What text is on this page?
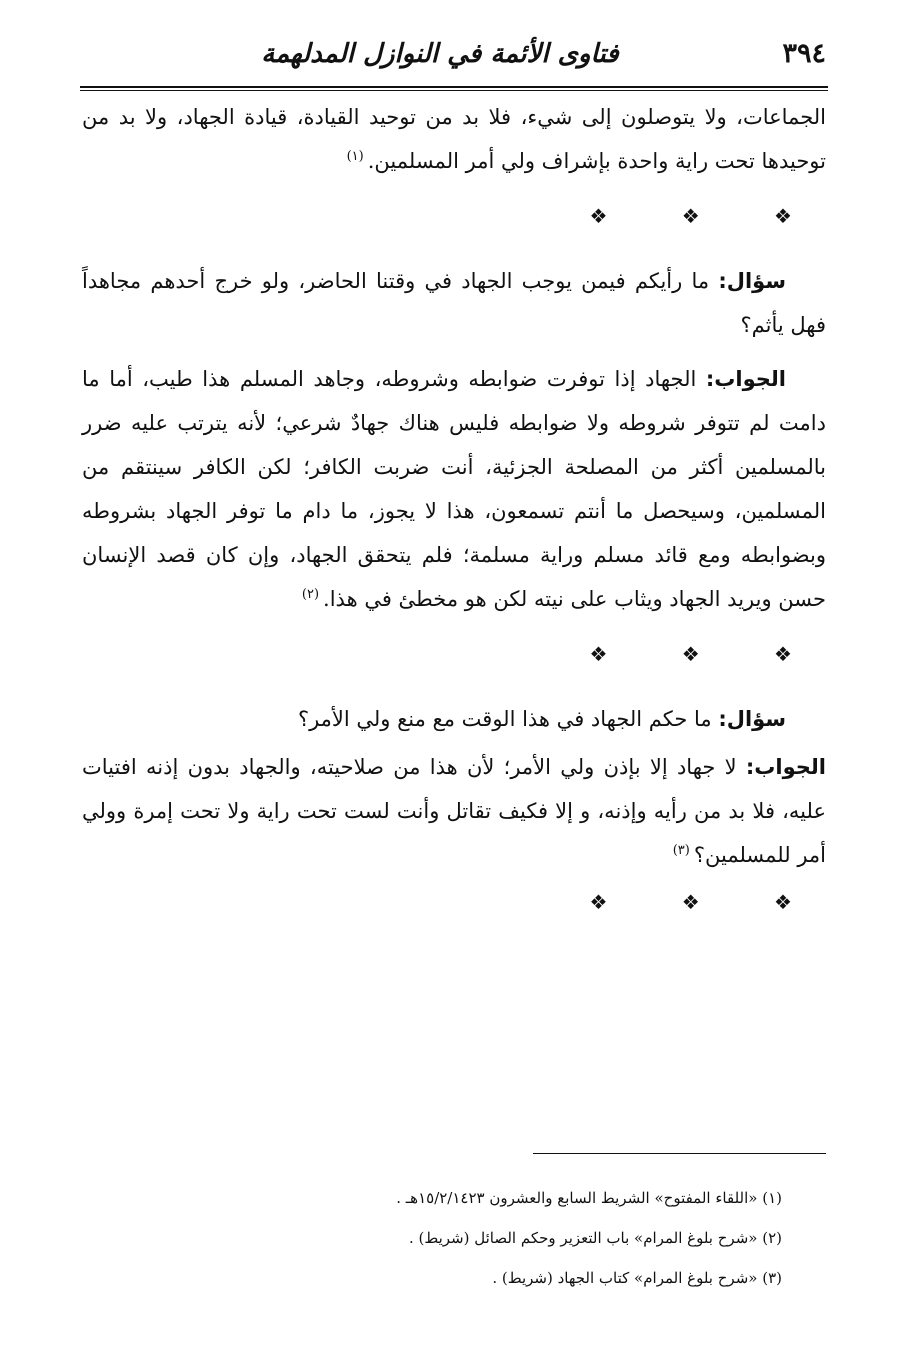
٣٩٤
فتاوى الأئمة في النوازل المدلهمة

الجماعات، ولا يتوصلون إلى شيء، فلا بد من توحيد القيادة، قيادة الجهاد، ولا بد من توحيدها تحت راية واحدة بإشراف ولي أمر المسلمين.$^{(١)}$

❖ ❖ ❖

سؤال: ما رأيكم فيمن يوجب الجهاد في وقتنا الحاضر، ولو خرج أحدهم مجاهداً فهل يأثم؟

الجواب: الجهاد إذا توفرت ضوابطه وشروطه، وجاهد المسلم هذا طيب، أما ما دامت لم تتوفر شروطه ولا ضوابطه فليس هناك جهادٌ شرعي؛ لأنه يترتب عليه ضرر بالمسلمين أكثر من المصلحة الجزئية، أنت ضربت الكافر؛ لكن الكافر سينتقم من المسلمين، وسيحصل ما أنتم تسمعون، هذا لا يجوز، ما دام ما توفر الجهاد بشروطه وبضوابطه ومع قائد مسلم وراية مسلمة؛ فلم يتحقق الجهاد، وإن كان قصد الإنسان حسن ويريد الجهاد ويثاب على نيته لكن هو مخطئ في هذا.$^{(٢)}$

❖ ❖ ❖

سؤال: ما حكم الجهاد في هذا الوقت مع منع ولي الأمر؟

الجواب: لا جهاد إلا بإذن ولي الأمر؛ لأن هذا من صلاحيته، والجهاد بدون إذنه افتيات عليه، فلا بد من رأيه وإذنه، و إلا فكيف تقاتل وأنت لست تحت راية ولا تحت إمرة وولي أمر للمسلمين؟$^{(٣)}$

❖ ❖ ❖

(١) «اللقاء المفتوح» الشريط السابع والعشرون ١٥/٢/١٤٢٣هـ .

(٢) «شرح بلوغ المرام» باب التعزير وحكم الصائل (شريط) .

(٣) «شرح بلوغ المرام» كتاب الجهاد (شريط) .
